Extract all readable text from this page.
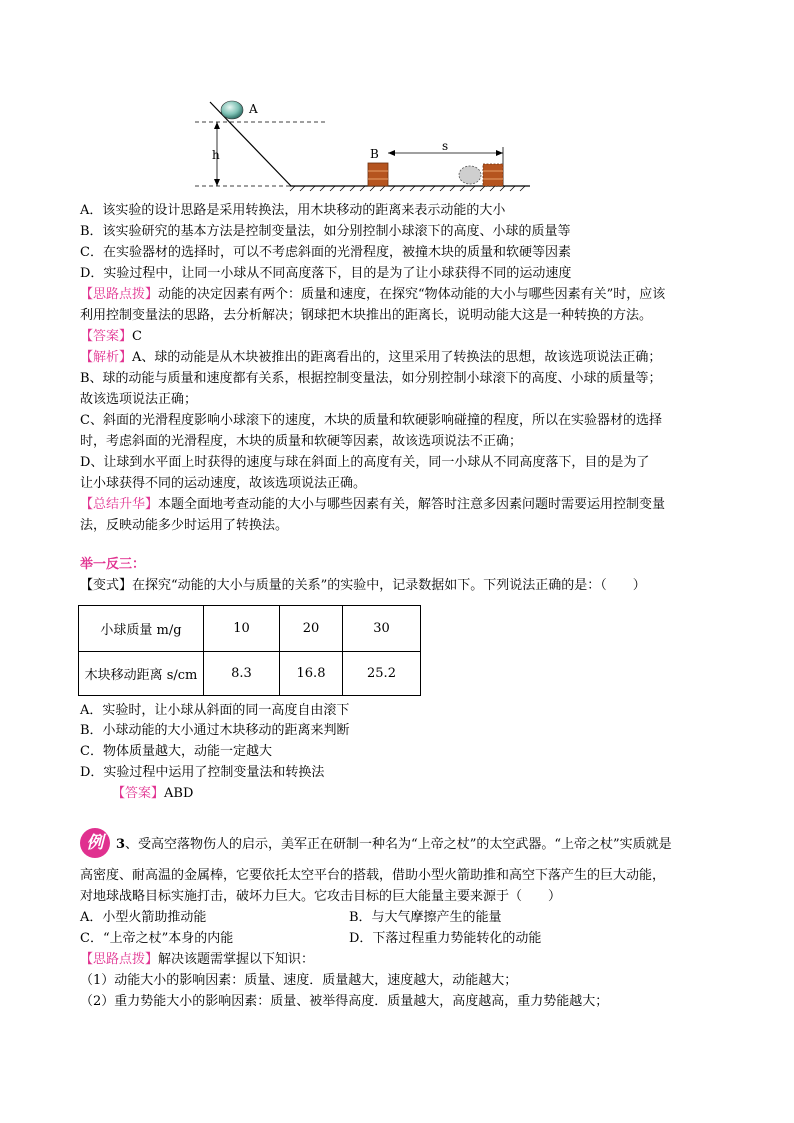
h
A
B
s
A．该实验的设计思路是采用转换法，用木块移动的距离来表示动能的大小
B．该实验研究的基本方法是控制变量法，如分别控制小球滚下的高度、小球的质量等
C．在实验器材的选择时，可以不考虑斜面的光滑程度，被撞木块的质量和软硬等因素
D．实验过程中，让同一小球从不同高度落下，目的是为了让小球获得不同的运动速度
【思路点拨】动能的决定因素有两个：质量和速度，在探究“物体动能的大小与哪些因素有关”时，应该
利用控制变量法的思路，去分析解决；钢球把木块推出的距离长，说明动能大这是一种转换的方法。
【答案】C
【解析】A、球的动能是从木块被推出的距离看出的，这里采用了转换法的思想，故该选项说法正确；
B、球的动能与质量和速度都有关系，根据控制变量法，如分别控制小球滚下的高度、小球的质量等；
故该选项说法正确；
C、斜面的光滑程度影响小球滚下的速度，木块的质量和软硬影响碰撞的程度，所以在实验器材的选择
时，考虑斜面的光滑程度，木块的质量和软硬等因素，故该选项说法不正确；
D、让球到水平面上时获得的速度与球在斜面上的高度有关，同一小球从不同高度落下，目的是为了
让小球获得不同的运动速度，故该选项说法正确。
【总结升华】本题全面地考查动能的大小与哪些因素有关，解答时注意多因素问题时需要运用控制变量
法，反映动能多少时运用了转换法。
举一反三：
【变式】在探究“动能的大小与质量的关系”的实验中，记录数据如下。下列说法正确的是：（　　）
小球质量 m/g	10	20	30
木块移动距离 s/cm	8.3	16.8	25.2
A．实验时，让小球从斜面的同一高度自由滚下
B．小球动能的大小通过木块移动的距离来判断
C．物体质量越大，动能一定越大
D．实验过程中运用了控制变量法和转换法
【答案】ABD
例 3、受高空落物伤人的启示，美军正在研制一种名为“上帝之杖”的太空武器。“上帝之杖”实质就是
高密度、耐高温的金属棒，它要依托太空平台的搭载，借助小型火箭助推和高空下落产生的巨大动能，
对地球战略目标实施打击，破坏力巨大。它攻击目标的巨大能量主要来源于（　　）
A．小型火箭助推动能	B．与大气摩擦产生的能量
C．“上帝之杖”本身的内能	D．下落过程重力势能转化的动能
【思路点拨】解决该题需掌握以下知识：
（1）动能大小的影响因素：质量、速度．质量越大，速度越大，动能越大；
（2）重力势能大小的影响因素：质量、被举得高度．质量越大，高度越高，重力势能越大；
